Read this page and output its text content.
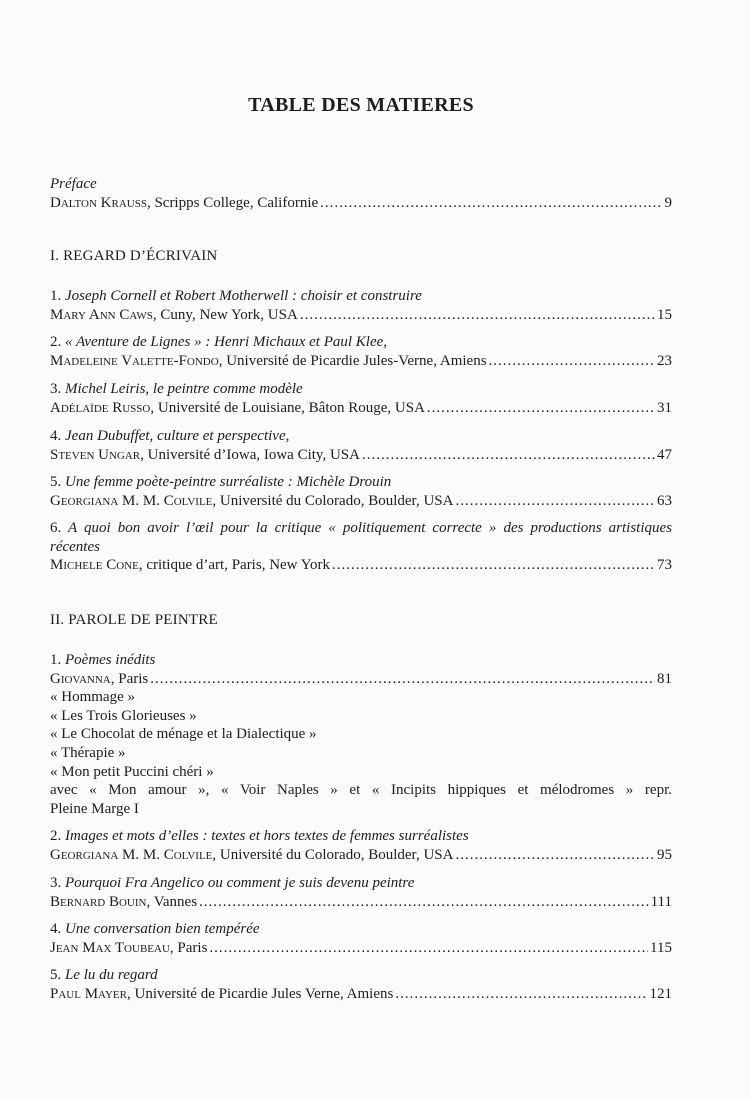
TABLE DES MATIERES
Préface
Dalton Krauss , Scripps College, Californie .....	9
I. REGARD D’ÉCRIVAIN
1.
Joseph Cornell et Robert Motherwell : choisir et construire
Mary Ann Caws , Cuny, New York, USA .....	15
2.
« Aventure de Lignes » : Henri Michaux et Paul Klee,
Madeleine Valette-Fondo , Université de Picardie Jules-Verne, Amiens .....	23
3.
Michel Leiris, le peintre comme modèle
Adélaïde Russo , Université de Louisiane, Bâton Rouge, USA .....	31
4.
Jean Dubuffet, culture et perspective,
Steven Ungar , Université d’Iowa, Iowa City, USA .....	47
5.
Une femme poète-peintre surréaliste : Michèle Drouin
Georgiana M. M. Colvile , Université du Colorado, Boulder, USA .....	63
6. A quoi bon avoir l’œil pour la critique « politiquement correcte » des productions artistiques récentes
Michele Cone , critique d’art, Paris, New York .....	73
II. PAROLE DE PEINTRE
1.
Poèmes inédits
Giovanna , Paris .....	81
« Hommage »
« Les Trois Glorieuses »
« Le Chocolat de ménage et la Dialectique »
« Thérapie »
« Mon petit Puccini chéri »
avec « Mon amour », « Voir Naples » et « Incipits hippiques et mélodromes » repr.
Pleine Marge I
2.
Images et mots d’elles : textes et hors textes de femmes surréalistes
Georgiana M. M. Colvile , Université du Colorado, Boulder, USA .....	95
3.
Pourquoi Fra Angelico ou comment je suis devenu peintre
Bernard Bouin , Vannes .....	111
4.
Une conversation bien tempérée
Jean Max Toubeau , Paris .....	115
5.
Le lu du regard
Paul Mayer , Université de Picardie Jules Verne, Amiens .....	121
